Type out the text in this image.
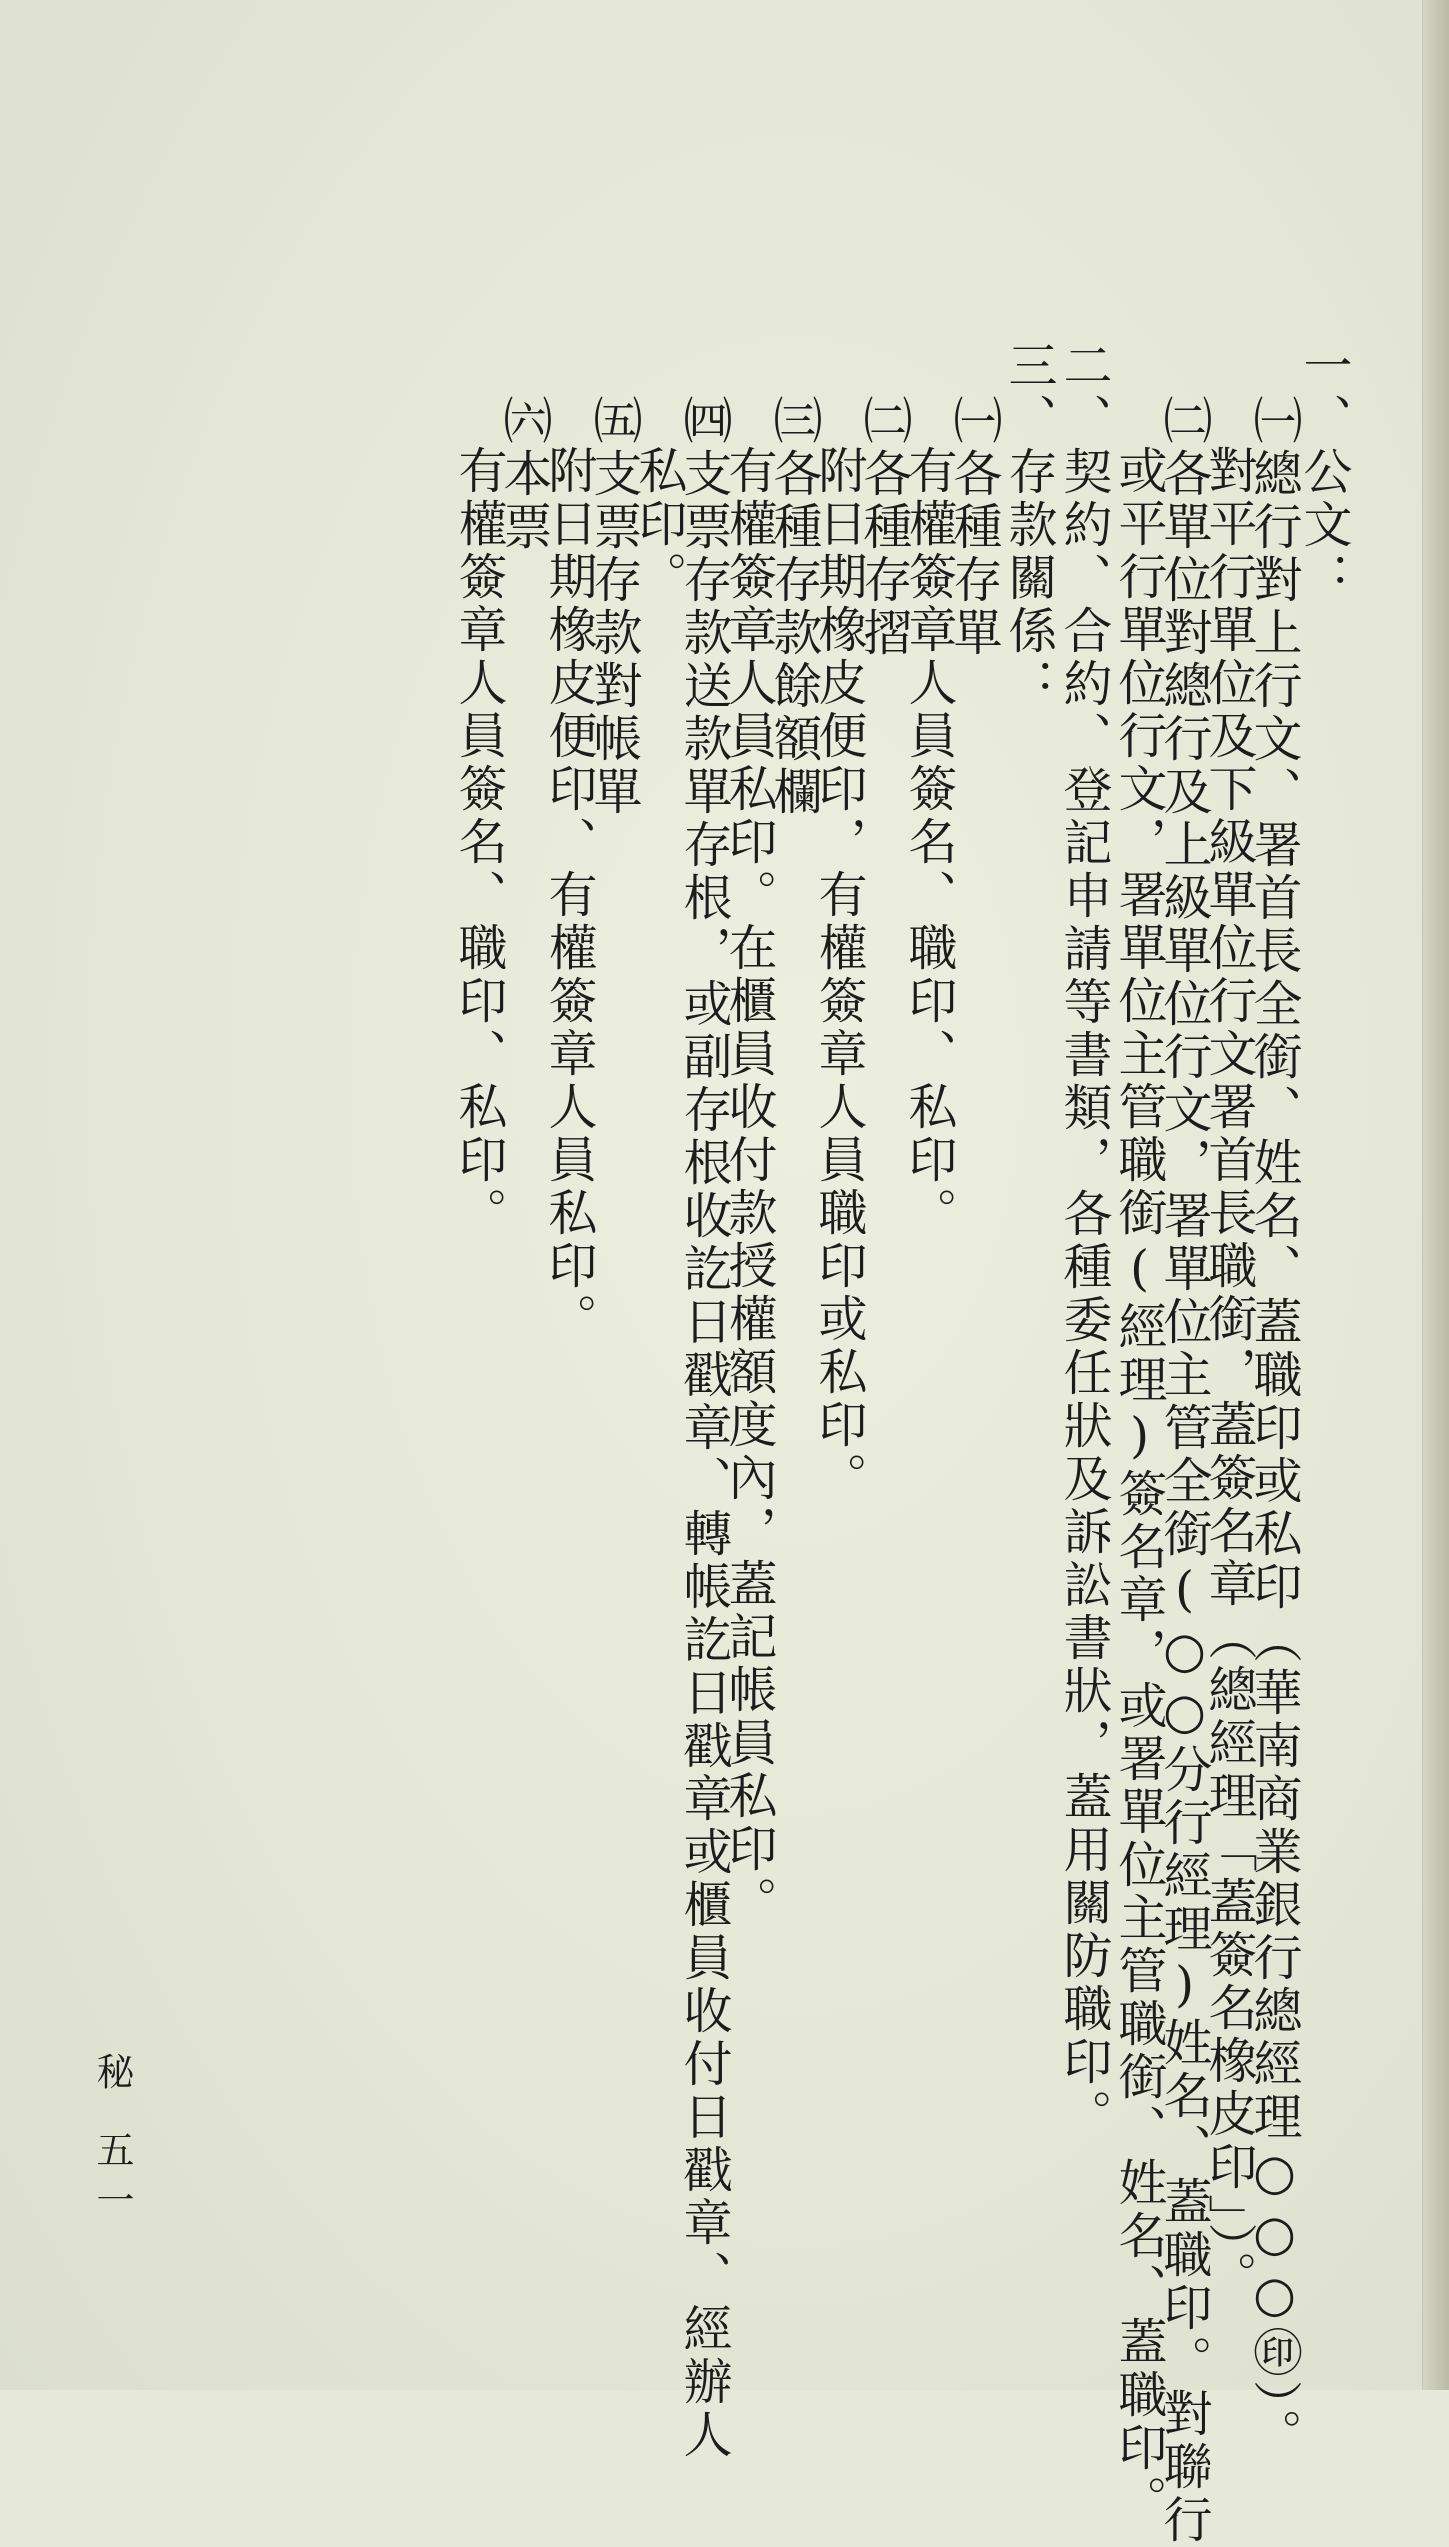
一、公文：
㈠總行對上行文、署首長全銜、姓名、蓋職印或私印（華南商業銀行總經理○○○㊞）。
對平行單位及下級單位行文署首長職銜，蓋簽名章（總經理「蓋簽名橡皮印」）。
㈡各單位對總行及上級單位行文，署單位主管全銜(○○分行經理)姓名、蓋職印。對聯行
或平行單位行文，署單位主管職銜(經理)簽名章，或署單位主管職銜、姓名、蓋職印。
二、契約、合約、登記申請等書類，各種委任狀及訴訟書狀，蓋用關防職印。
三、存款關係：
㈠各種存單
有權簽章人員簽名、職印、私印。
㈡各種存摺
附日期橡皮便印，有權簽章人員職印或私印。
㈢各種存款餘額欄
有權簽章人員私印。在櫃員收付款授權額度內，蓋記帳員私印。
㈣支票存款送款單存根，或副存根收訖日戳章、轉帳訖日戳章或櫃員收付日戳章、經辦人
私印。
㈤支票存款對帳單
附日期橡皮便印、有權簽章人員私印。
㈥本票
有權簽章人員簽名、職印、私印。
秘
五一
